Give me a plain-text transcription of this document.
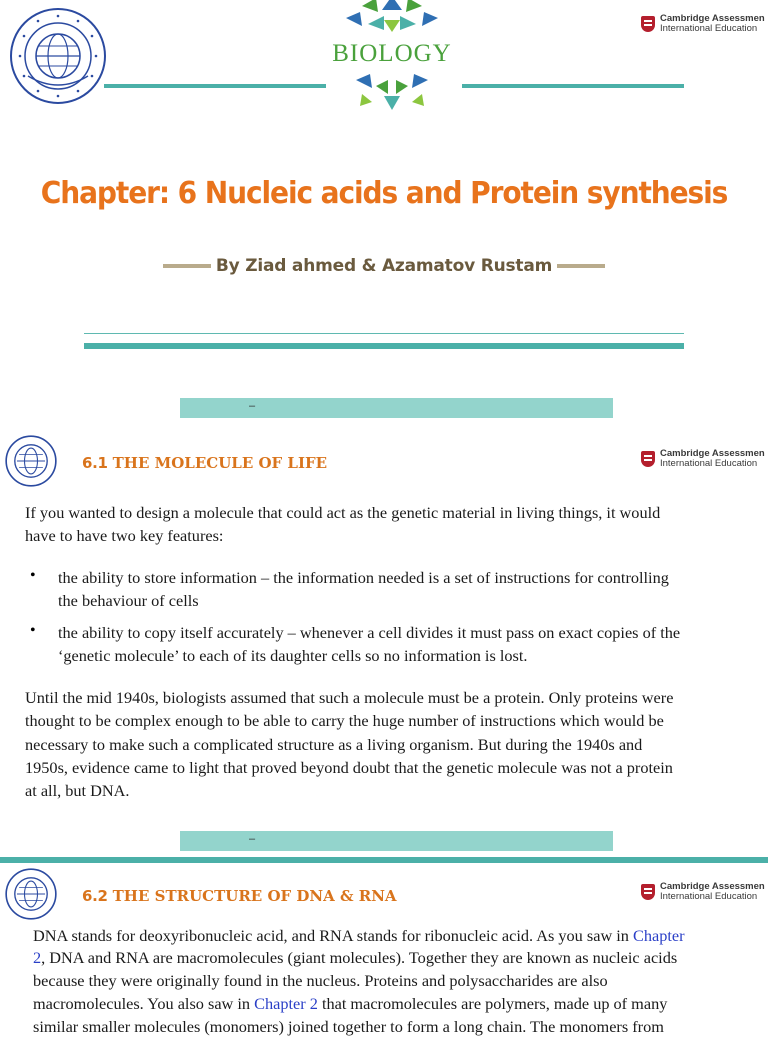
BIOLOGY
Cambridge Assessmen
International Education
Chapter: 6 Nucleic acids and Protein synthesis
By Ziad ahmed & Azamatov Rustam
–
6.1 THE MOLECULE OF LIFE
Cambridge Assessmen
International Education
If you wanted to design a molecule that could act as the genetic material in living things, it would
have to have two key features:
• the ability to store information – the information needed is a set of instructions for controlling
the behaviour of cells
• the ability to copy itself accurately – whenever a cell divides it must pass on exact copies of the
‘genetic molecule’ to each of its daughter cells so no information is lost.
Until the mid 1940s, biologists assumed that such a molecule must be a protein. Only proteins were
thought to be complex enough to be able to carry the huge number of instructions which would be
necessary to make such a complicated structure as a living organism. But during the 1940s and
1950s, evidence came to light that proved beyond doubt that the genetic molecule was not a protein
at all, but DNA.
–
6.2 THE STRUCTURE OF DNA & RNA
Cambridge Assessmen
International Education
DNA stands for deoxyribonucleic acid, and RNA stands for ribonucleic acid. As you saw in Chapter
2, DNA and RNA are macromolecules (giant molecules). Together they are known as nucleic acids
because they were originally found in the nucleus. Proteins and polysaccharides are also
macromolecules. You also saw in Chapter 2 that macromolecules are polymers, made up of many
similar smaller molecules (monomers) joined together to form a long chain. The monomers from
